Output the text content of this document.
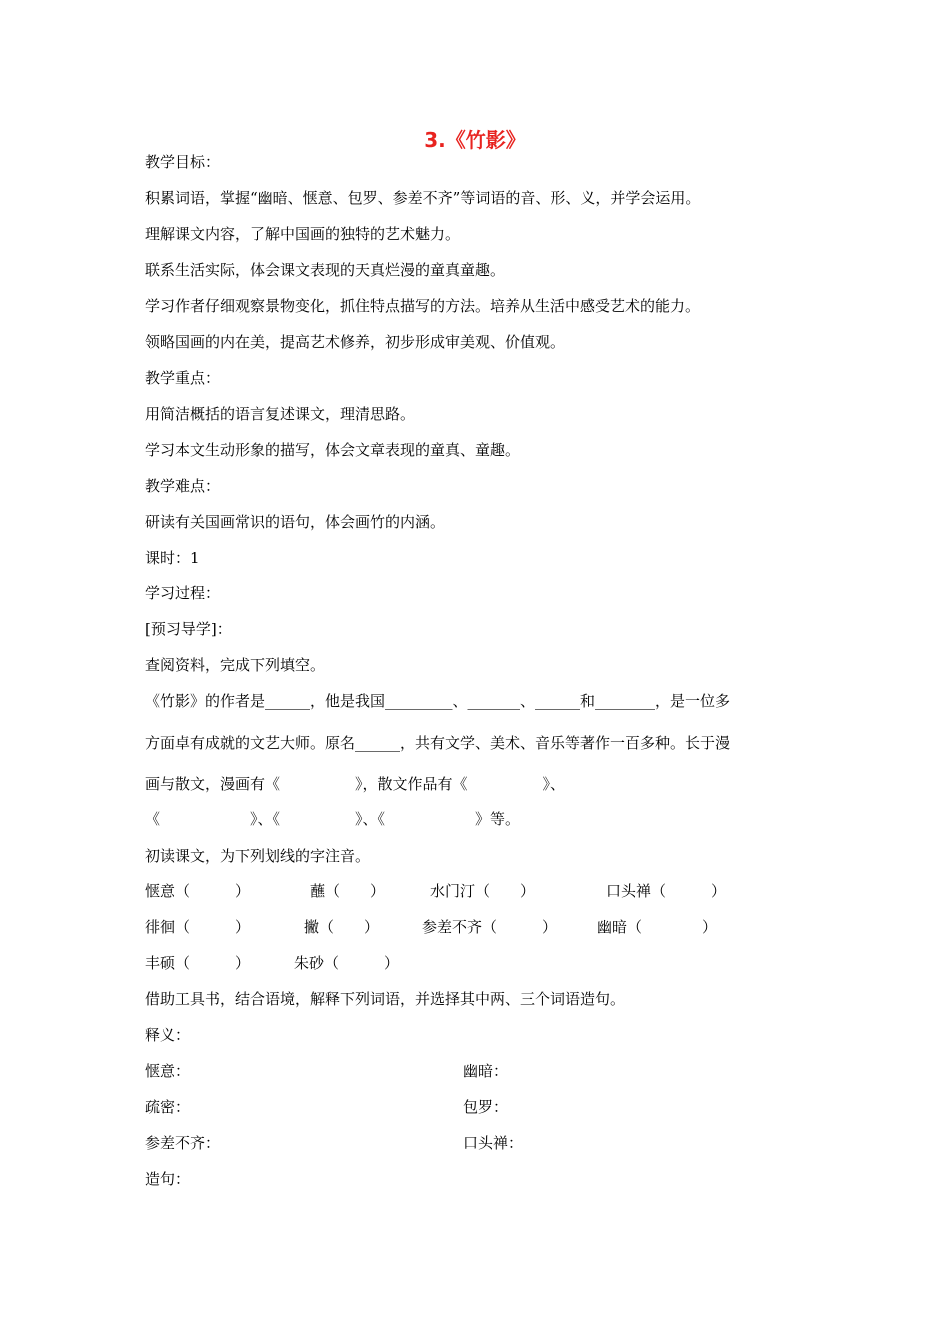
3.《竹影》
教学目标：
积累词语，掌握“幽暗、惬意、包罗、参差不齐”等词语的音、形、义，并学会运用。
理解课文内容，了解中国画的独特的艺术魅力。
联系生活实际，体会课文表现的天真烂漫的童真童趣。
学习作者仔细观察景物变化，抓住特点描写的方法。培养从生活中感受艺术的能力。
领略国画的内在美，提高艺术修养，初步形成审美观、价值观。
教学重点：
用简洁概括的语言复述课文，理清思路。
学习本文生动形象的描写，体会文章表现的童真、童趣。
教学难点：
研读有关国画常识的语句，体会画竹的内涵。
课时：1
学习过程：
[预习导学]：
查阅资料，完成下列填空。
《竹影》的作者是______，他是我国_________、_______、______和________，是一位多
方面卓有成就的文艺大师。原名______，共有文学、美术、音乐等著作一百多种。长于漫
画与散文，漫画有《　　　　　》，散文作品有《　　　　　》、
《　　　　　　》、《　　　　　》、《　　　　　　》等。
初读课文，为下列划线的字注音。
惬意（　　　）	蘸（　　）	水门汀（　　）	口头禅（　　　）
徘徊（　　　）	撇（　　）	参差不齐（　　　）	幽暗（　　　　）
丰硕（　　　）	朱砂（　　　）
借助工具书，结合语境，解释下列词语，并选择其中两、三个词语造句。
释义：
惬意：	幽暗：
疏密：	包罗：
参差不齐：	口头禅：
造句：
